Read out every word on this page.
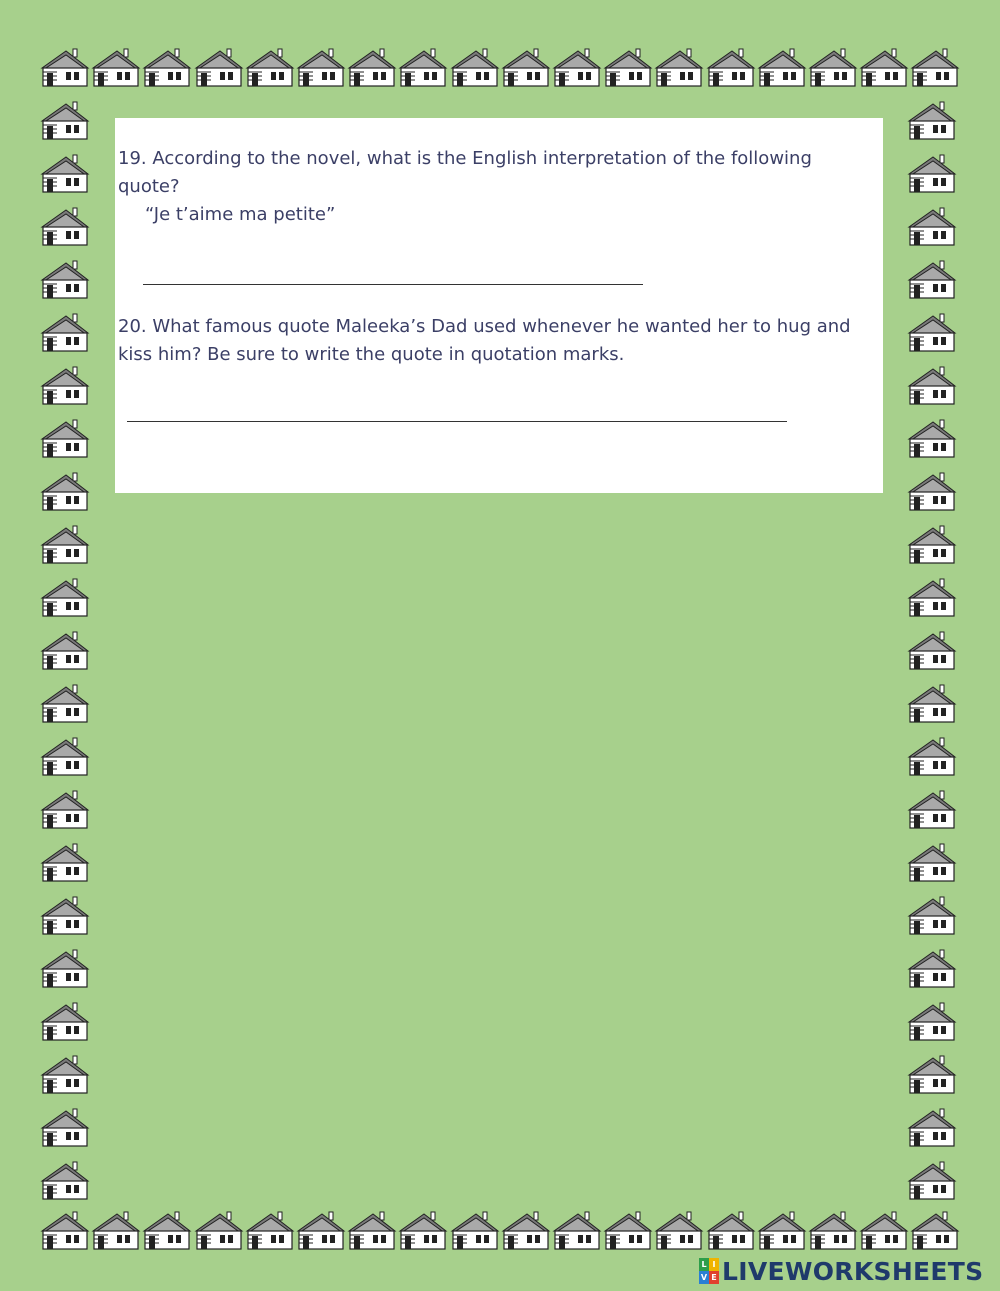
19. According to the novel, what is the English interpretation of the following quote?
“Je t’aime ma petite”
20. What famous quote Maleeka’s Dad used whenever he wanted her to hug and kiss him? Be sure to write the quote in quotation marks.
L I
V E LIVEWORKSHEETS
